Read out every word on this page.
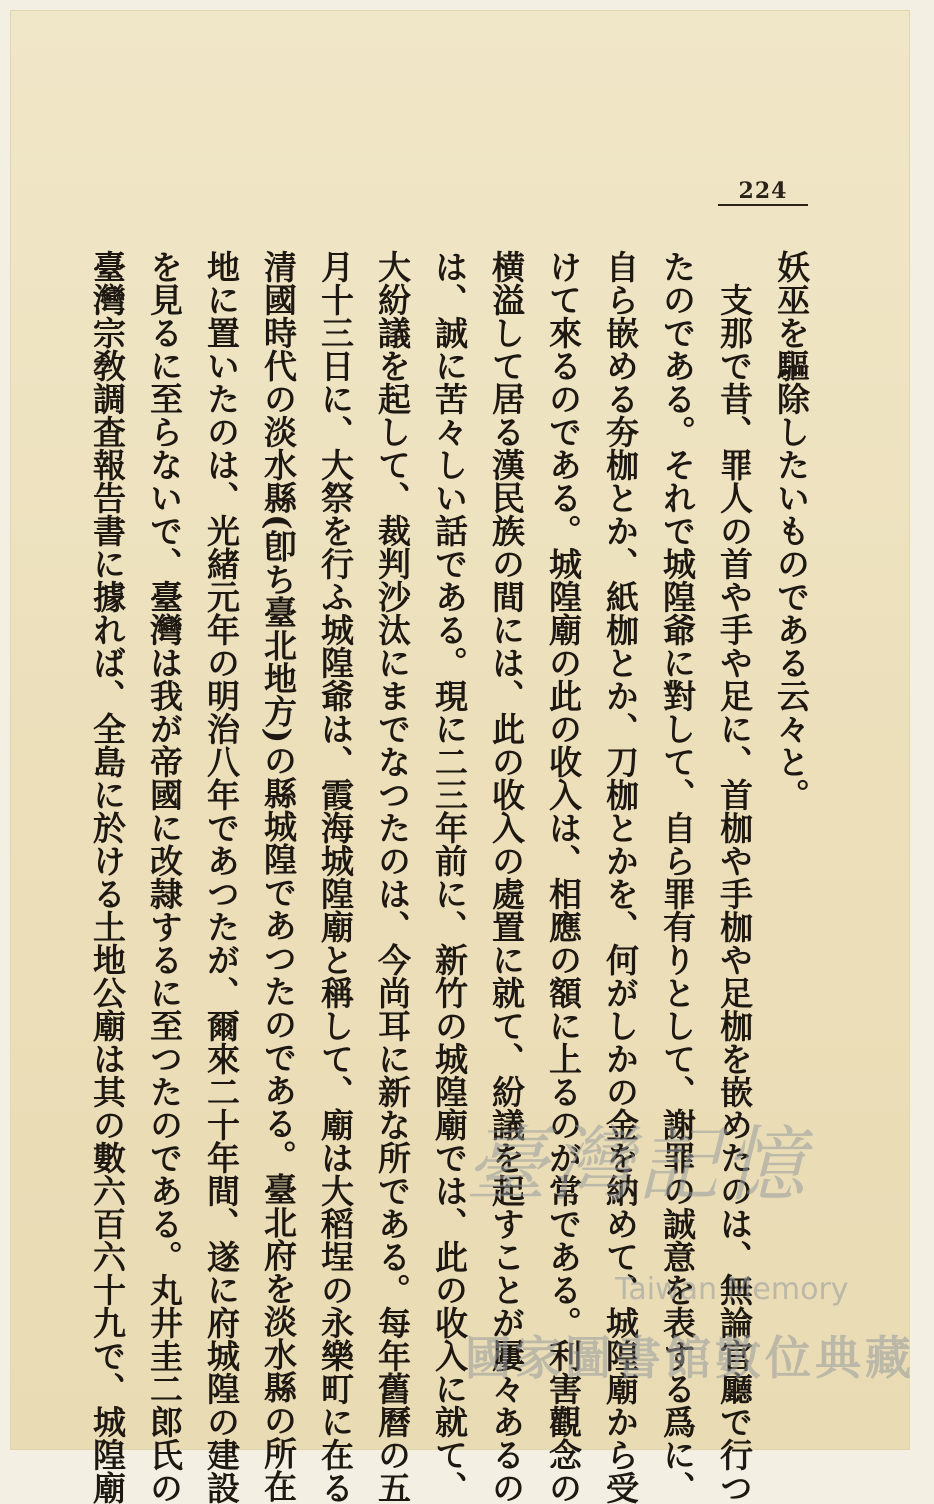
224
妖巫を驅除したいものである云々と。
　支那で昔、罪人の首や手や足に、首枷や手枷や足枷を嵌めたのは、無論官廳で行つ
たのである。それで城隍爺に對して、自ら罪有りとして、謝罪の誠意を表する爲に、
自ら嵌める夯枷とか、紙枷とか、刀枷とかを、何がしかの金を納めて、城隍廟から受
けて來るのである。城隍廟の此の收入は、相應の額に上るのが常である。利害觀念の
横溢して居る漢民族の間には、此の收入の處置に就て、紛議を起すことが屢々あるの
は、誠に苦々しい話である。現に二三年前に、新竹の城隍廟では、此の收入に就て、
大紛議を起して、裁判沙汰にまでなつたのは、今尚耳に新な所である。每年舊曆の五
月十三日に、大祭を行ふ城隍爺は、霞海城隍廟と稱して、廟は大稻埕の永樂町に在る
清國時代の淡水縣(卽ち臺北地方)の縣城隍であつたのである。臺北府を淡水縣の所在
地に置いたのは、光緒元年の明治八年であつたが、爾來二十年間、遂に府城隍の建設
を見るに至らないで、臺灣は我が帝國に改隷するに至つたのである。丸井圭二郎氏の
臺灣宗敎調査報告書に據れば、全島に於ける土地公廟は其の數六百六十九で、城隍廟	臺灣記憶
Taiwan Memory
國家圖書館數位典藏
